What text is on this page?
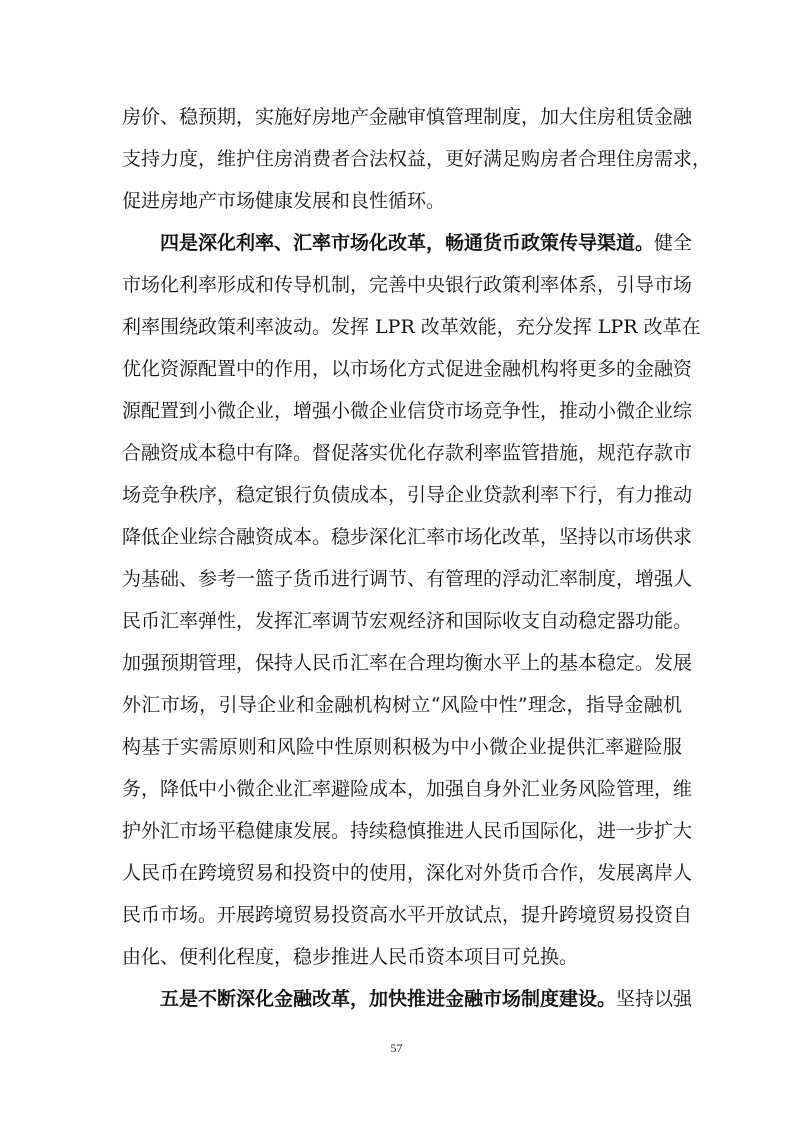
房价、稳预期，实施好房地产金融审慎管理制度，加大住房租赁金融
支持力度，维护住房消费者合法权益，更好满足购房者合理住房需求，
促进房地产市场健康发展和良性循环。
四是深化利率、汇率市场化改革，畅通货币政策传导渠道。健全
市场化利率形成和传导机制，完善中央银行政策利率体系，引导市场
利率围绕政策利率波动。发挥 LPR 改革效能，充分发挥 LPR 改革在
优化资源配置中的作用，以市场化方式促进金融机构将更多的金融资
源配置到小微企业，增强小微企业信贷市场竞争性，推动小微企业综
合融资成本稳中有降。督促落实优化存款利率监管措施，规范存款市
场竞争秩序，稳定银行负债成本，引导企业贷款利率下行，有力推动
降低企业综合融资成本。稳步深化汇率市场化改革，坚持以市场供求
为基础、参考一篮子货币进行调节、有管理的浮动汇率制度，增强人
民币汇率弹性，发挥汇率调节宏观经济和国际收支自动稳定器功能。
加强预期管理，保持人民币汇率在合理均衡水平上的基本稳定。发展
外汇市场，引导企业和金融机构树立“风险中性”理念，指导金融机
构基于实需原则和风险中性原则积极为中小微企业提供汇率避险服
务，降低中小微企业汇率避险成本，加强自身外汇业务风险管理，维
护外汇市场平稳健康发展。持续稳慎推进人民币国际化，进一步扩大
人民币在跨境贸易和投资中的使用，深化对外货币合作，发展离岸人
民币市场。开展跨境贸易投资高水平开放试点，提升跨境贸易投资自
由化、便利化程度，稳步推进人民币资本项目可兑换。
五是不断深化金融改革，加快推进金融市场制度建设。坚持以强
57
